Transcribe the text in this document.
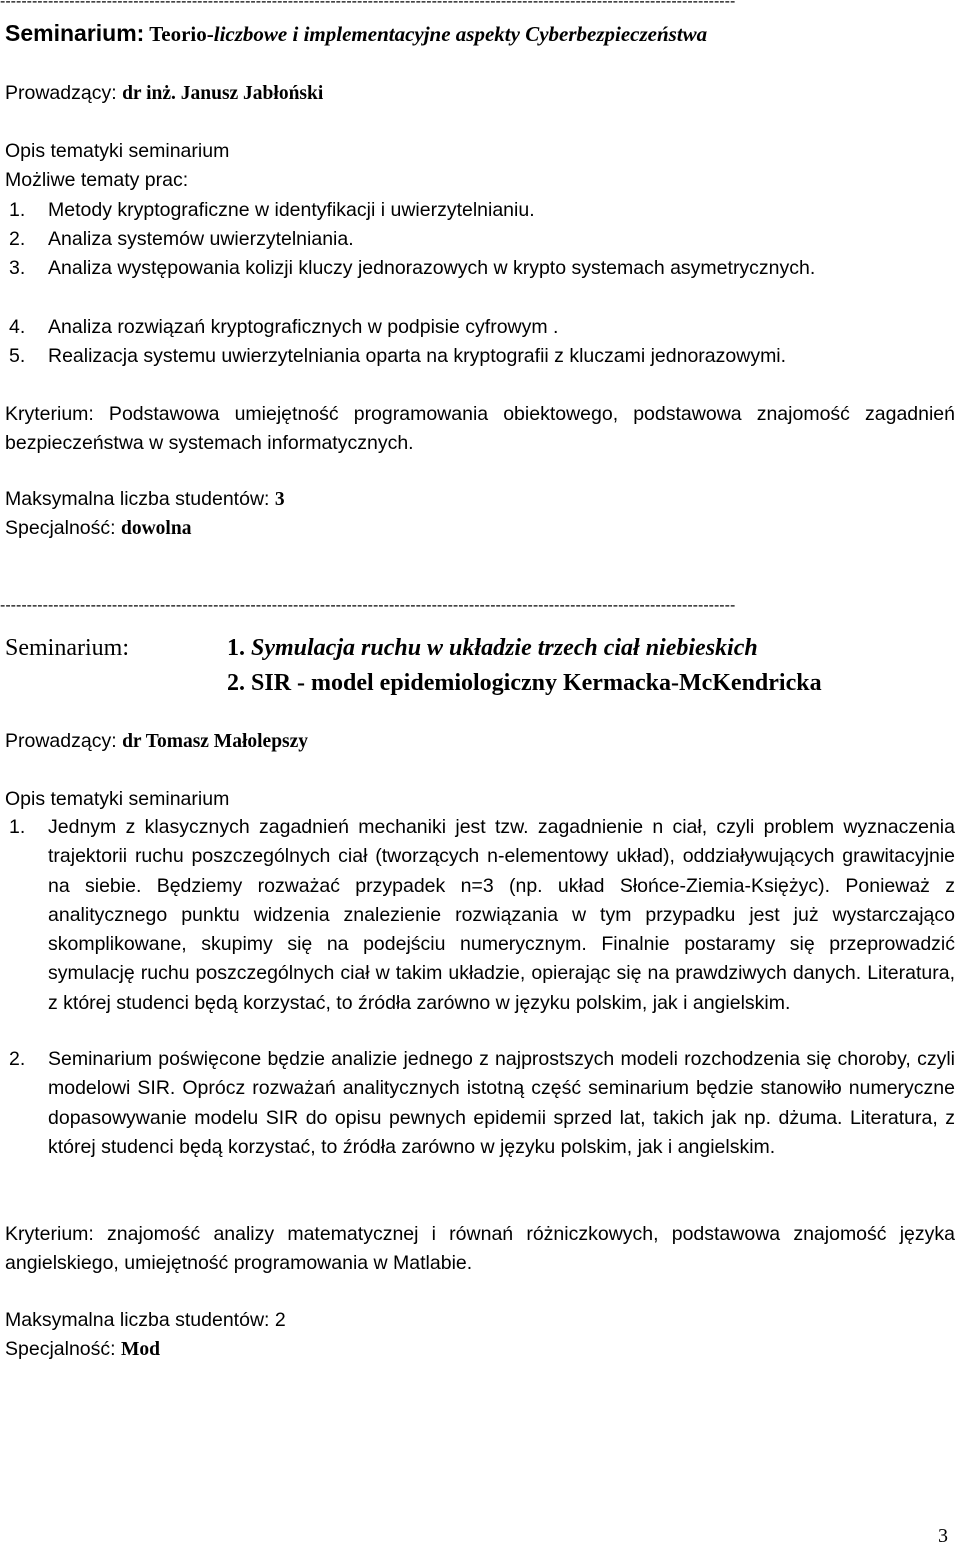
------------------------------------------------------------------------------------------------------------------------------------------
Seminarium: Teorio-liczbowe i implementacyjne aspekty Cyberbezpieczeństwa
Prowadzący: dr inż. Janusz Jabłoński
Opis tematyki seminarium
Możliwe tematy prac:
1. Metody kryptograficzne w identyfikacji i uwierzytelnianiu.
2. Analiza systemów uwierzytelniania.
3. Analiza występowania kolizji kluczy jednorazowych w krypto systemach asymetrycznych.
4. Analiza rozwiązań kryptograficznych w podpisie cyfrowym .
5. Realizacja systemu uwierzytelniania oparta na kryptografii z kluczami jednorazowymi.
Kryterium: Podstawowa umiejętność programowania obiektowego, podstawowa znajomość zagadnień bezpieczeństwa w systemach informatycznych.
Maksymalna liczba studentów: 3
Specjalność: dowolna
------------------------------------------------------------------------------------------------------------------------------------------
Seminarium:	1. Symulacja ruchu w układzie trzech ciał niebieskich
2. SIR - model epidemiologiczny Kermacka-McKendricka
Prowadzący: dr Tomasz Małolepszy
Opis tematyki seminarium
1. Jednym z klasycznych zagadnień mechaniki jest tzw. zagadnienie n ciał, czyli problem wyznaczenia trajektorii ruchu poszczególnych ciał (tworzących n-elementowy układ), oddziaływujących grawitacyjnie na siebie. Będziemy rozważać przypadek n=3 (np. układ Słońce-Ziemia-Księżyc). Ponieważ z analitycznego punktu widzenia znalezienie rozwiązania w tym przypadku jest już wystarczająco skomplikowane, skupimy się na podejściu numerycznym. Finalnie postaramy się przeprowadzić symulację ruchu poszczególnych ciał w takim układzie, opierając się na prawdziwych danych. Literatura, z której studenci będą korzystać, to źródła zarówno w języku polskim, jak i angielskim.
2. Seminarium poświęcone będzie analizie jednego z najprostszych modeli rozchodzenia się choroby, czyli modelowi SIR. Oprócz rozważań analitycznych istotną część seminarium będzie stanowiło numeryczne dopasowywanie modelu SIR do opisu pewnych epidemii sprzed lat, takich jak np. dżuma. Literatura, z której studenci będą korzystać, to źródła zarówno w języku polskim, jak i angielskim.
Kryterium: znajomość analizy matematycznej i równań różniczkowych, podstawowa znajomość języka angielskiego, umiejętność programowania w Matlabie.
Maksymalna liczba studentów: 2
Specjalność: Mod
3
